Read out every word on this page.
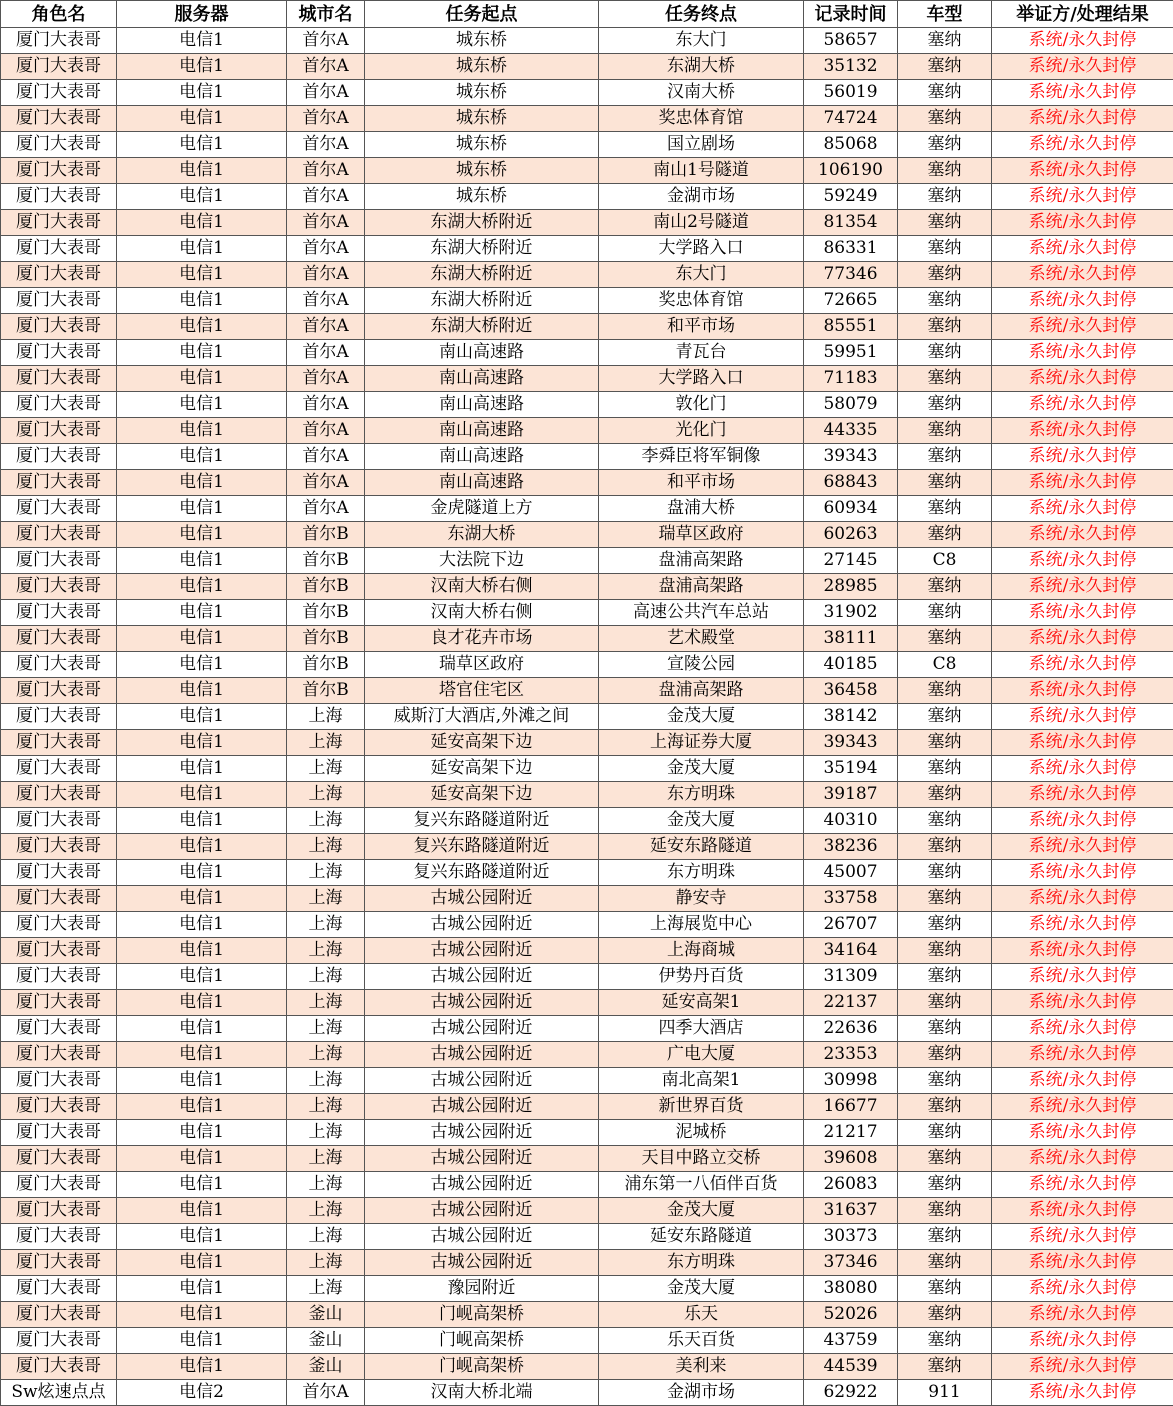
角色名	服务器	城市名	任务起点	任务终点	记录时间	车型	举证方/处理结果
厦门大表哥	电信1	首尔A	城东桥	东大门	58657	塞纳	系统/永久封停
厦门大表哥	电信1	首尔A	城东桥	东湖大桥	35132	塞纳	系统/永久封停
厦门大表哥	电信1	首尔A	城东桥	汉南大桥	56019	塞纳	系统/永久封停
厦门大表哥	电信1	首尔A	城东桥	奖忠体育馆	74724	塞纳	系统/永久封停
厦门大表哥	电信1	首尔A	城东桥	国立剧场	85068	塞纳	系统/永久封停
厦门大表哥	电信1	首尔A	城东桥	南山1号隧道	106190	塞纳	系统/永久封停
厦门大表哥	电信1	首尔A	城东桥	金湖市场	59249	塞纳	系统/永久封停
厦门大表哥	电信1	首尔A	东湖大桥附近	南山2号隧道	81354	塞纳	系统/永久封停
厦门大表哥	电信1	首尔A	东湖大桥附近	大学路入口	86331	塞纳	系统/永久封停
厦门大表哥	电信1	首尔A	东湖大桥附近	东大门	77346	塞纳	系统/永久封停
厦门大表哥	电信1	首尔A	东湖大桥附近	奖忠体育馆	72665	塞纳	系统/永久封停
厦门大表哥	电信1	首尔A	东湖大桥附近	和平市场	85551	塞纳	系统/永久封停
厦门大表哥	电信1	首尔A	南山高速路	青瓦台	59951	塞纳	系统/永久封停
厦门大表哥	电信1	首尔A	南山高速路	大学路入口	71183	塞纳	系统/永久封停
厦门大表哥	电信1	首尔A	南山高速路	敦化门	58079	塞纳	系统/永久封停
厦门大表哥	电信1	首尔A	南山高速路	光化门	44335	塞纳	系统/永久封停
厦门大表哥	电信1	首尔A	南山高速路	李舜臣将军铜像	39343	塞纳	系统/永久封停
厦门大表哥	电信1	首尔A	南山高速路	和平市场	68843	塞纳	系统/永久封停
厦门大表哥	电信1	首尔A	金虎隧道上方	盘浦大桥	60934	塞纳	系统/永久封停
厦门大表哥	电信1	首尔B	东湖大桥	瑞草区政府	60263	塞纳	系统/永久封停
厦门大表哥	电信1	首尔B	大法院下边	盘浦高架路	27145	C8	系统/永久封停
厦门大表哥	电信1	首尔B	汉南大桥右侧	盘浦高架路	28985	塞纳	系统/永久封停
厦门大表哥	电信1	首尔B	汉南大桥右侧	高速公共汽车总站	31902	塞纳	系统/永久封停
厦门大表哥	电信1	首尔B	良才花卉市场	艺术殿堂	38111	塞纳	系统/永久封停
厦门大表哥	电信1	首尔B	瑞草区政府	宣陵公园	40185	C8	系统/永久封停
厦门大表哥	电信1	首尔B	塔官住宅区	盘浦高架路	36458	塞纳	系统/永久封停
厦门大表哥	电信1	上海	威斯汀大酒店,外滩之间	金茂大厦	38142	塞纳	系统/永久封停
厦门大表哥	电信1	上海	延安高架下边	上海证券大厦	39343	塞纳	系统/永久封停
厦门大表哥	电信1	上海	延安高架下边	金茂大厦	35194	塞纳	系统/永久封停
厦门大表哥	电信1	上海	延安高架下边	东方明珠	39187	塞纳	系统/永久封停
厦门大表哥	电信1	上海	复兴东路隧道附近	金茂大厦	40310	塞纳	系统/永久封停
厦门大表哥	电信1	上海	复兴东路隧道附近	延安东路隧道	38236	塞纳	系统/永久封停
厦门大表哥	电信1	上海	复兴东路隧道附近	东方明珠	45007	塞纳	系统/永久封停
厦门大表哥	电信1	上海	古城公园附近	静安寺	33758	塞纳	系统/永久封停
厦门大表哥	电信1	上海	古城公园附近	上海展览中心	26707	塞纳	系统/永久封停
厦门大表哥	电信1	上海	古城公园附近	上海商城	34164	塞纳	系统/永久封停
厦门大表哥	电信1	上海	古城公园附近	伊势丹百货	31309	塞纳	系统/永久封停
厦门大表哥	电信1	上海	古城公园附近	延安高架1	22137	塞纳	系统/永久封停
厦门大表哥	电信1	上海	古城公园附近	四季大酒店	22636	塞纳	系统/永久封停
厦门大表哥	电信1	上海	古城公园附近	广电大厦	23353	塞纳	系统/永久封停
厦门大表哥	电信1	上海	古城公园附近	南北高架1	30998	塞纳	系统/永久封停
厦门大表哥	电信1	上海	古城公园附近	新世界百货	16677	塞纳	系统/永久封停
厦门大表哥	电信1	上海	古城公园附近	泥城桥	21217	塞纳	系统/永久封停
厦门大表哥	电信1	上海	古城公园附近	天目中路立交桥	39608	塞纳	系统/永久封停
厦门大表哥	电信1	上海	古城公园附近	浦东第一八佰伴百货	26083	塞纳	系统/永久封停
厦门大表哥	电信1	上海	古城公园附近	金茂大厦	31637	塞纳	系统/永久封停
厦门大表哥	电信1	上海	古城公园附近	延安东路隧道	30373	塞纳	系统/永久封停
厦门大表哥	电信1	上海	古城公园附近	东方明珠	37346	塞纳	系统/永久封停
厦门大表哥	电信1	上海	豫园附近	金茂大厦	38080	塞纳	系统/永久封停
厦门大表哥	电信1	釜山	门岘高架桥	乐天	52026	塞纳	系统/永久封停
厦门大表哥	电信1	釜山	门岘高架桥	乐天百货	43759	塞纳	系统/永久封停
厦门大表哥	电信1	釜山	门岘高架桥	美利来	44539	塞纳	系统/永久封停
Sw炫速点点	电信2	首尔A	汉南大桥北端	金湖市场	62922	911	系统/永久封停
